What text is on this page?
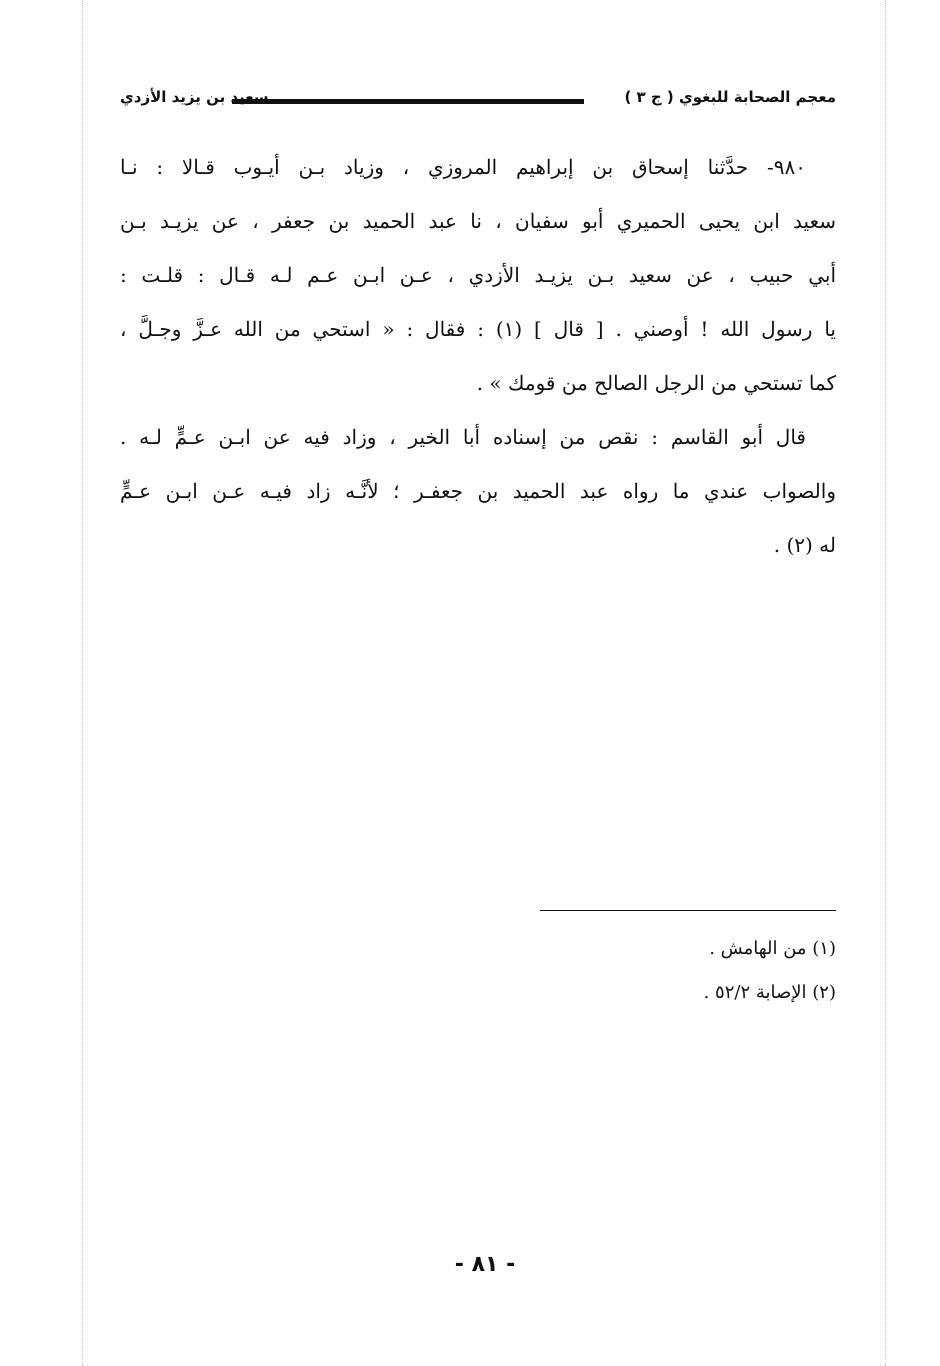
معجم الصحابة للبغوي ( ج ٣ )
سعيد بن يزيد الأزدي
٩٨٠- حدَّثنا إسحاق بن إبراهيم المروزي ، وزياد بـن أيـوب قـالا : نـا
سعيد ابن يحيى الحميري أبو سفيان ، نا عبد الحميد بن جعفر ، عن يزيـد بـن
أبي حبيب ، عن سعيد بـن يزيـد الأزدي ، عـن ابـن عـم لـه قـال : قلـت :
يا رسول الله ! أوصني . [ قال ] (١) : فقال : « استحي من الله عـزَّ وجـلَّ ،
كما تستحي من الرجل الصالح من قومك » .
قال أبو القاسم : نقص من إسناده أبا الخير ، وزاد فيه عن ابـن عـمٍّ لـه .
والصواب عندي ما رواه عبد الحميد بن جعفـر ؛ لأنَّـه زاد فيـه عـن ابـن عـمٍّ
له (٢) .
(١) من الهامش .
(٢) الإصابة ٥٢/٢ .
- ٨١ -
